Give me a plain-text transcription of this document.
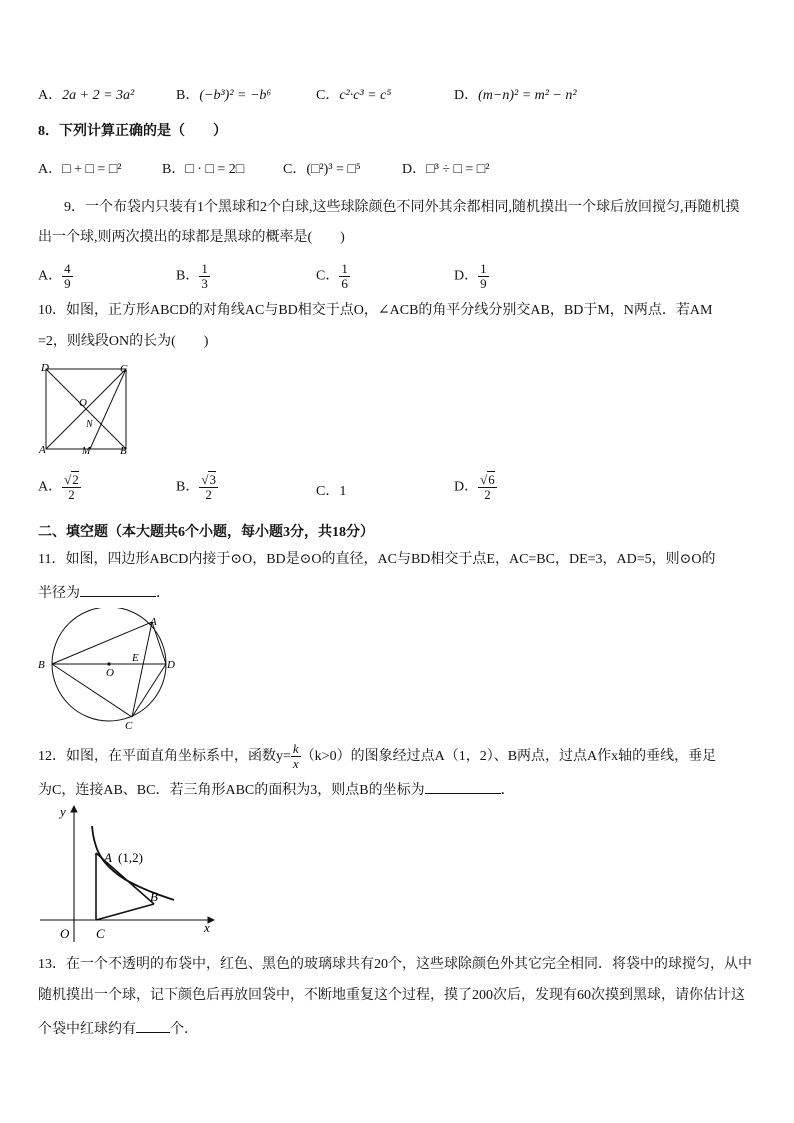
A．2a + 2 = 3a²	B．(−b³)² = −b⁶	C．c²·c³ = c⁵	D．(m−n)² = m² − n²
8．下列计算正确的是（　　）
A．□ + □ = □²	B．□ · □ = 2□	C．(□²)³ = □⁵	D．□³ ÷ □ = □²
9．一个布袋内只装有1个黑球和2个白球,这些球除颜色不同外其余都相同,随机摸出一个球后放回搅匀,再随机摸
出一个球,则两次摸出的球都是黑球的概率是(　　)
A． $\frac{4}{9}$	B． $\frac{1}{3}$	C． $\frac{1}{6}$	D． $\frac{1}{9}$
10．如图，正方形ABCD的对角线AC与BD相交于点O，∠ACB的角平分线分别交AB，BD于M，N两点．若AM
=2，则线段ON的长为(　　)
D	C
O
N
A	M	B
A． $\frac{√2}{2}$	B． $\frac{√3}{2}$	C．1	D． $\frac{√6}{2}$
二、填空题（本大题共6个小题，每小题3分，共18分）
11．如图，四边形ABCD内接于⊙O，BD是⊙O的直径，AC与BD相交于点E，AC=BC，DE=3，AD=5，则⊙O的
半径为	．
A
B	D
E
O
C
12．如图，在平面直角坐标系中，函数$y= \frac{k}{x} (k>0)$的图象经过点A（1，2）、B两点，过点A作x轴的垂线，垂足
为C，连接AB、BC．若三角形ABC的面积为3，则点B的坐标为	．
y
x
O C
A (1,2)
B
13．在一个不透明的布袋中，红色、黑色的玻璃球共有20个，这些球除颜色外其它完全相同．将袋中的球搅匀，从中
随机摸出一个球，记下颜色后再放回袋中，不断地重复这个过程，摸了200次后，发现有60次摸到黑球，请你估计这
个袋中红球约有 个．
